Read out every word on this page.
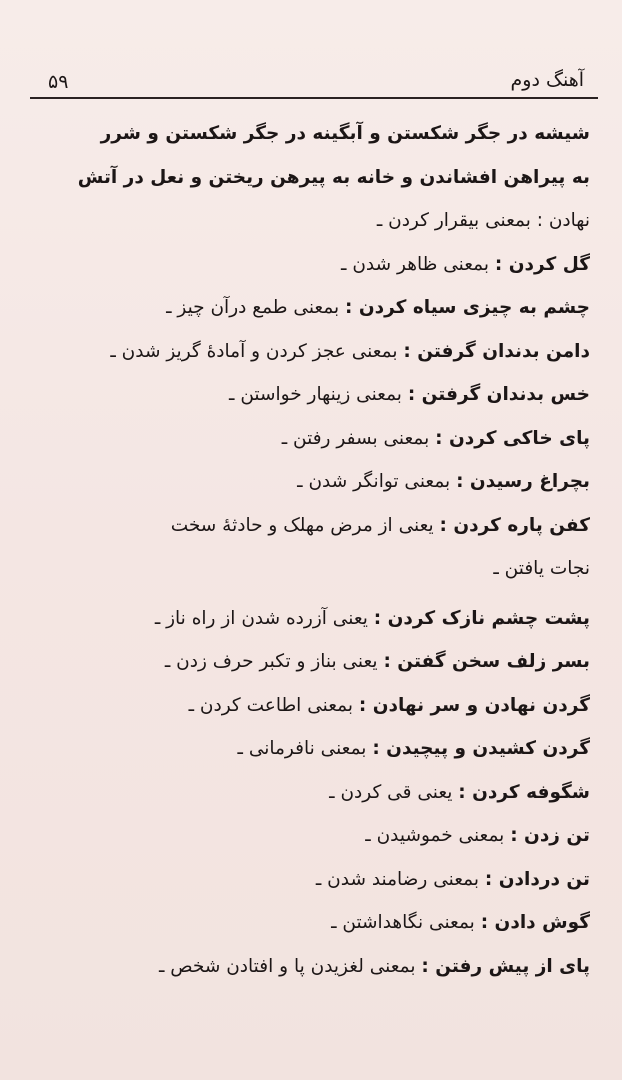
۵۹	آهنگ دوم
شیشه در جگر شکستن و آبگینه در جگر شکستن و شرر
به پیراهن افشاندن و خانه به پیرهن ریختن و نعل در آتش
نهادن : بمعنی بیقرار کردن ـ
گل کردن : بمعنی ظاهر شدن ـ
چشم به چیزی سیاه کردن : بمعنی طمع درآن چیز ـ
دامن بدندان گرفتن : بمعنی عجز کردن و آمادهٔ گریز شدن ـ
خس بدندان گرفتن : بمعنی زینهار خواستن ـ
پای خاکی کردن : بمعنی بسفر رفتن ـ
بچراغ رسیدن : بمعنی توانگر شدن ـ
کفن پاره کردن : یعنی از مرض مهلک و حادثهٔ سخت
نجات یافتن ـ
پشت چشم نازک کردن : یعنی آزرده شدن از راه ناز ـ
بسر زلف سخن گفتن : یعنی بناز و تکبر حرف زدن ـ
گردن نهادن و سر نهادن : بمعنی اطاعت کردن ـ
گردن کشیدن و پیچیدن : بمعنی نافرمانی ـ
شگوفه کردن : یعنی قی کردن ـ
تن زدن : بمعنی خموشیدن ـ
تن دردادن : بمعنی رضامند شدن ـ
گوش دادن : بمعنی نگاهداشتن ـ
پای از پیش رفتن : بمعنی لغزیدن پا و افتادن شخص ـ
